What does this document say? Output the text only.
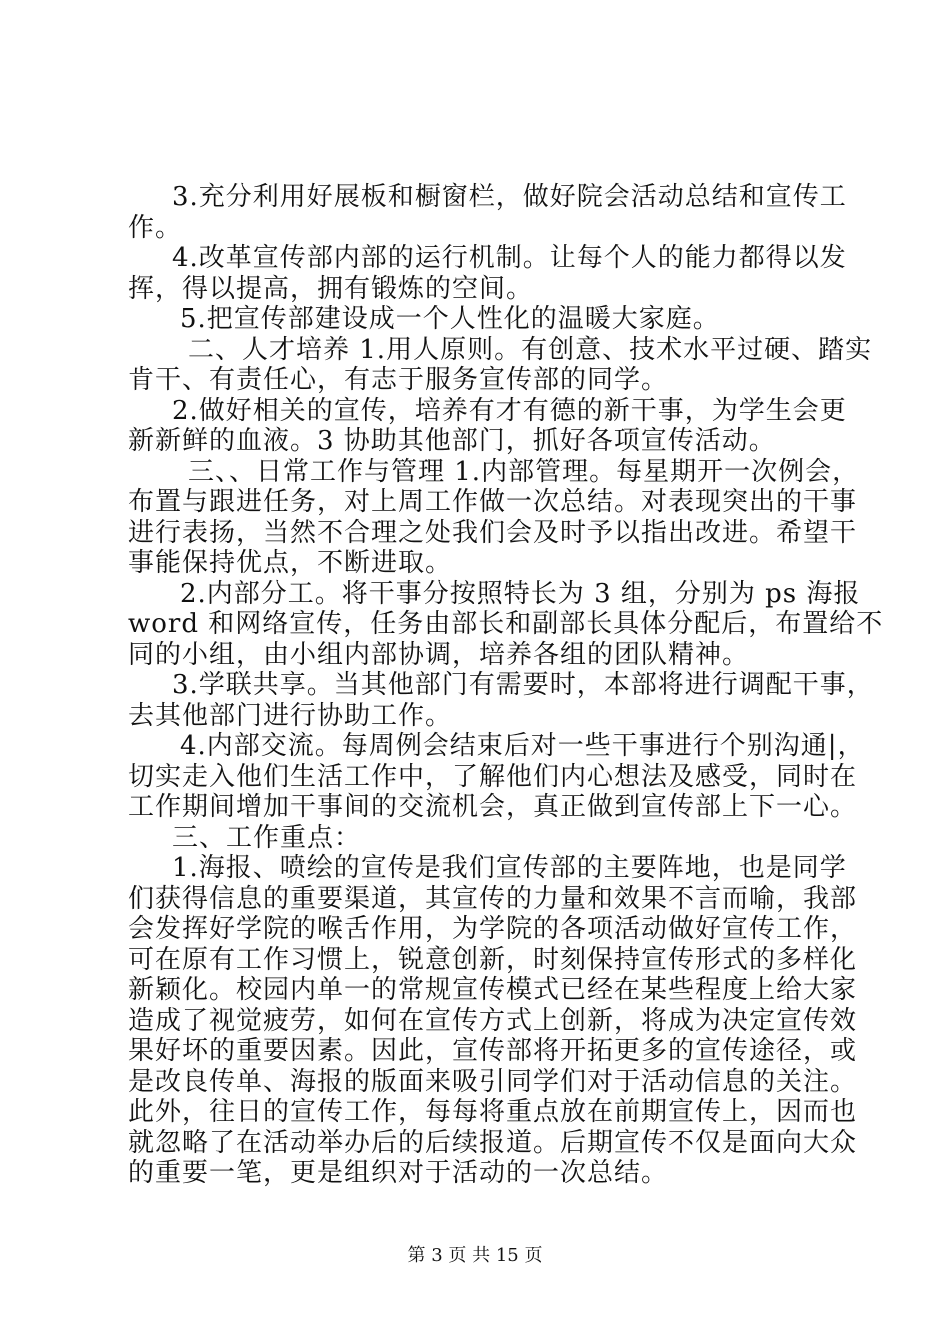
3.充分利用好展板和橱窗栏，做好院会活动总结和宣传工
作。
4.改革宣传部内部的运行机制。让每个人的能力都得以发
挥，得以提高，拥有锻炼的空间。
5.把宣传部建设成一个人性化的温暖大家庭。
二、人才培养 1.用人原则。有创意、技术水平过硬、踏实
肯干、有责任心，有志于服务宣传部的同学。
2.做好相关的宣传，培养有才有德的新干事，为学生会更
新新鲜的血液。3 协助其他部门，抓好各项宣传活动。
三、、日常工作与管理 1.内部管理。每星期开一次例会，
布置与跟进任务，对上周工作做一次总结。对表现突出的干事
进行表扬，当然不合理之处我们会及时予以指出改进。希望干
事能保持优点，不断进取。
2.内部分工。将干事分按照特长为 3 组，分别为 ps 海报
word 和网络宣传，任务由部长和副部长具体分配后，布置给不
同的小组，由小组内部协调，培养各组的团队精神。
3.学联共享。当其他部门有需要时，本部将进行调配干事，
去其他部门进行协助工作。
4.内部交流。每周例会结束后对一些干事进行个别沟通|，
切实走入他们生活工作中，了解他们内心想法及感受，同时在
工作期间增加干事间的交流机会，真正做到宣传部上下一心。
三、工作重点：
1.海报、喷绘的宣传是我们宣传部的主要阵地，也是同学
们获得信息的重要渠道，其宣传的力量和效果不言而喻，我部
会发挥好学院的喉舌作用，为学院的各项活动做好宣传工作，
可在原有工作习惯上，锐意创新，时刻保持宣传形式的多样化
新颖化。校园内单一的常规宣传模式已经在某些程度上给大家
造成了视觉疲劳，如何在宣传方式上创新，将成为决定宣传效
果好坏的重要因素。因此，宣传部将开拓更多的宣传途径，或
是改良传单、海报的版面来吸引同学们对于活动信息的关注。
此外，往日的宣传工作，每每将重点放在前期宣传上，因而也
第 3 页 共 15 页
就忽略了在活动举办后的后续报道。后期宣传不仅是面向大众
的重要一笔，更是组织对于活动的一次总结。
